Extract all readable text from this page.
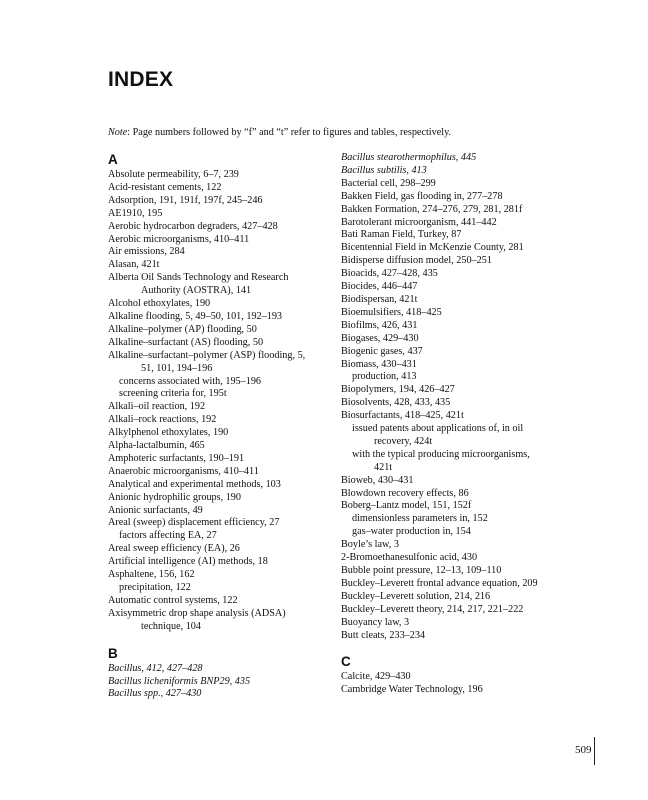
INDEX
Note: Page numbers followed by “f” and “t” refer to figures and tables, respectively.
A
Absolute permeability, 6–7, 239
Acid-resistant cements, 122
Adsorption, 191, 191f, 197f, 245–246
AE1910, 195
Aerobic hydrocarbon degraders, 427–428
Aerobic microorganisms, 410–411
Air emissions, 284
Alasan, 421t
Alberta Oil Sands Technology and Research
Authority (AOSTRA), 141
Alcohol ethoxylates, 190
Alkaline flooding, 5, 49–50, 101, 192–193
Alkaline–polymer (AP) flooding, 50
Alkaline–surfactant (AS) flooding, 50
Alkaline–surfactant–polymer (ASP) flooding, 5,
51, 101, 194–196
concerns associated with, 195–196
screening criteria for, 195t
Alkali–oil reaction, 192
Alkali–rock reactions, 192
Alkylphenol ethoxylates, 190
Alpha-lactalbumin, 465
Amphoteric surfactants, 190–191
Anaerobic microorganisms, 410–411
Analytical and experimental methods, 103
Anionic hydrophilic groups, 190
Anionic surfactants, 49
Areal (sweep) displacement efficiency, 27
factors affecting EA, 27
Areal sweep efficiency (EA), 26
Artificial intelligence (AI) methods, 18
Asphaltene, 156, 162
precipitation, 122
Automatic control systems, 122
Axisymmetric drop shape analysis (ADSA)
technique, 104
B
Bacillus, 412, 427–428
Bacillus licheniformis BNP29, 435
Bacillus spp., 427–430
Bacillus stearothermophilus, 445
Bacillus subtilis, 413
Bacterial cell, 298–299
Bakken Field, gas flooding in, 277–278
Bakken Formation, 274–276, 279, 281, 281f
Barotolerant microorganism, 441–442
Bati Raman Field, Turkey, 87
Bicentennial Field in McKenzie County, 281
Bidisperse diffusion model, 250–251
Bioacids, 427–428, 435
Biocides, 446–447
Biodispersan, 421t
Bioemulsifiers, 418–425
Biofilms, 426, 431
Biogases, 429–430
Biogenic gases, 437
Biomass, 430–431
production, 413
Biopolymers, 194, 426–427
Biosolvents, 428, 433, 435
Biosurfactants, 418–425, 421t
issued patents about applications of, in oil
recovery, 424t
with the typical producing microorganisms,
421t
Bioweb, 430–431
Blowdown recovery effects, 86
Boberg–Lantz model, 151, 152f
dimensionless parameters in, 152
gas–water production in, 154
Boyle’s law, 3
2-Bromoethanesulfonic acid, 430
Bubble point pressure, 12–13, 109–110
Buckley–Leverett frontal advance equation, 209
Buckley–Leverett solution, 214, 216
Buckley–Leverett theory, 214, 217, 221–222
Buoyancy law, 3
Butt cleats, 233–234
C
Calcite, 429–430
Cambridge Water Technology, 196
509
